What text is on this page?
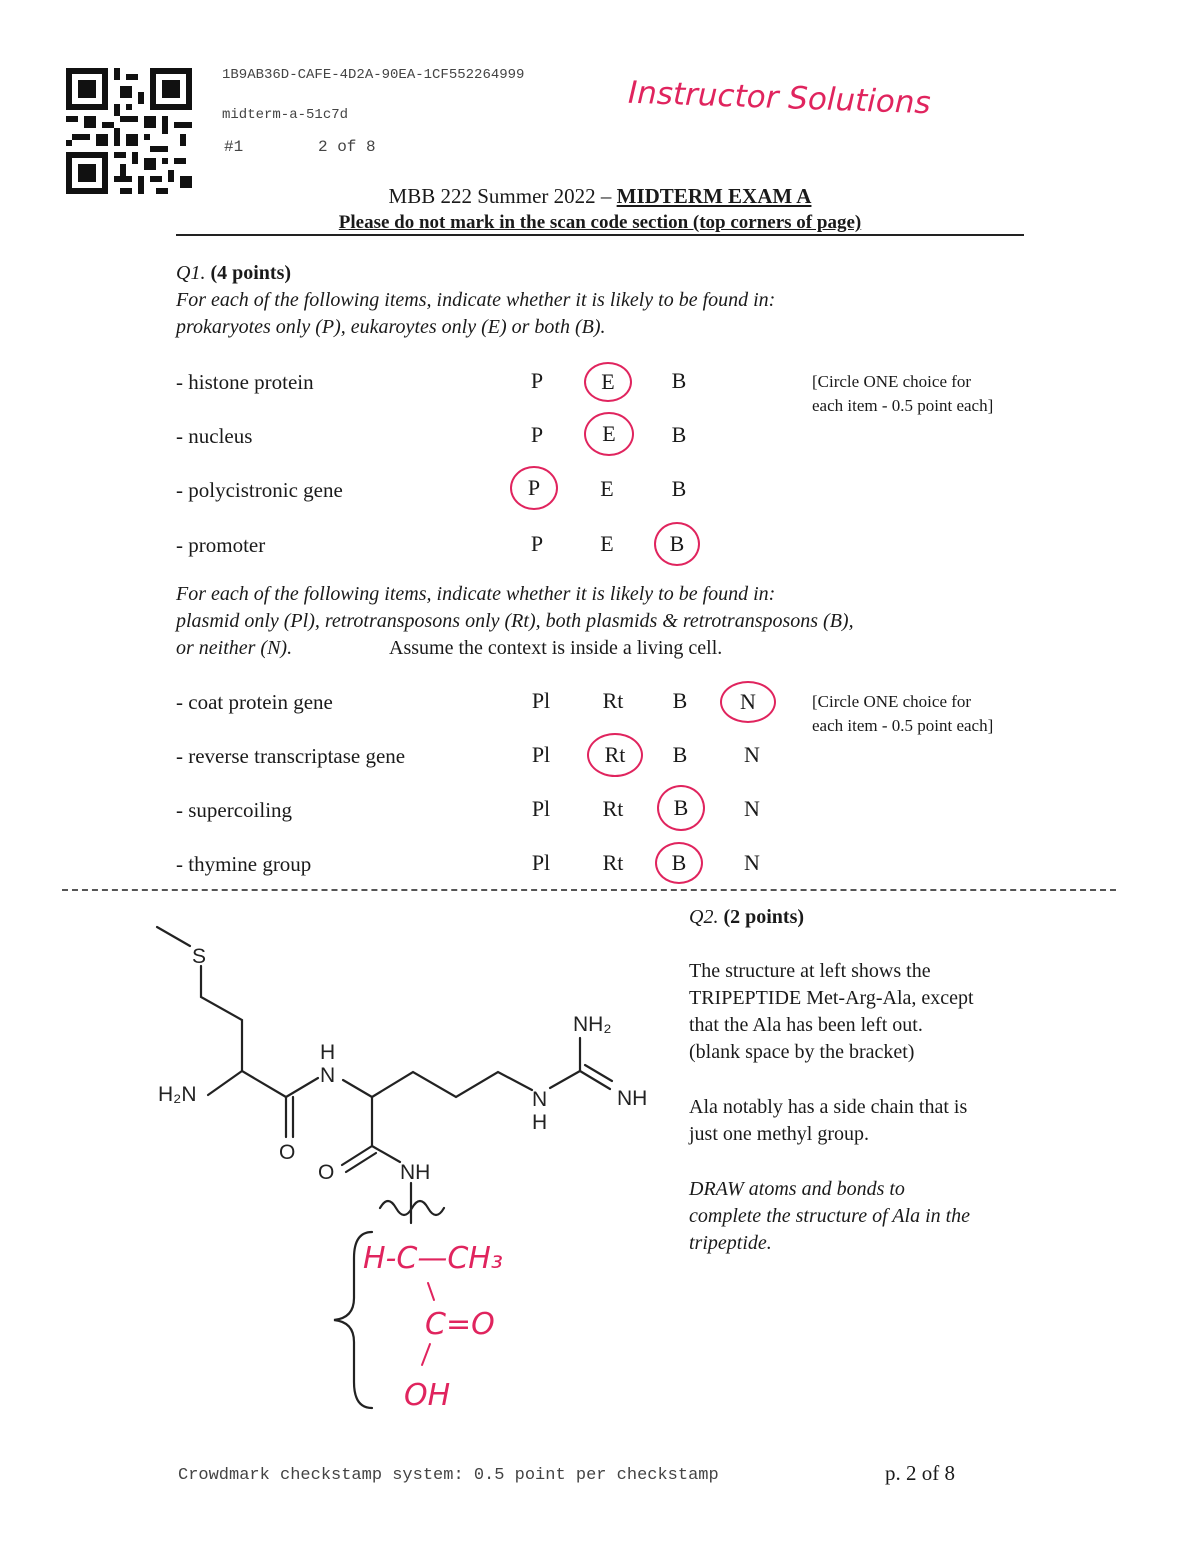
1B9AB36D-CAFE-4D2A-90EA-1CF552264999
midterm-a-51c7d
#1	2 of 8
Instructor Solutions
MBB 222 Summer 2022 – MIDTERM EXAM A
Please do not mark in the scan code section (top corners of page)
Q1. (4 points)
For each of the following items, indicate whether it is likely to be found in:
prokaryotes only (P), eukaroytes only (E) or both (B).
[Circle ONE choice for
each item - 0.5 point each]
- histone protein	P	E	B
- nucleus	P	E	B
- polycistronic gene	P	E	B
- promoter	P	E	B
For each of the following items, indicate whether it is likely to be found in:
plasmid only (Pl), retrotransposons only (Rt), both plasmids & retrotransposons (B),
or neither (N).	Assume the context is inside a living cell.
[Circle ONE choice for
each item - 0.5 point each]
- coat protein gene	Pl	Rt	B	N
- reverse transcriptase gene	Pl	Rt	B	N
- supercoiling	Pl	Rt	B	N
- thymine group	Pl	Rt	B	N
Q2. (2 points)
The structure at left shows the
TRIPEPTIDE Met-Arg-Ala, except
that the Ala has been left out.
(blank space by the bracket)
Ala notably has a side chain that is
just one methyl group.
DRAW atoms and bonds to
complete the structure of Ala in the
tripeptide.
S
H₂N
O
H
N
NH₂
NH
N
H
O	NH
H-C—CH₃
C=O
OH
Crowdmark checkstamp system: 0.5 point per checkstamp	p. 2 of 8
